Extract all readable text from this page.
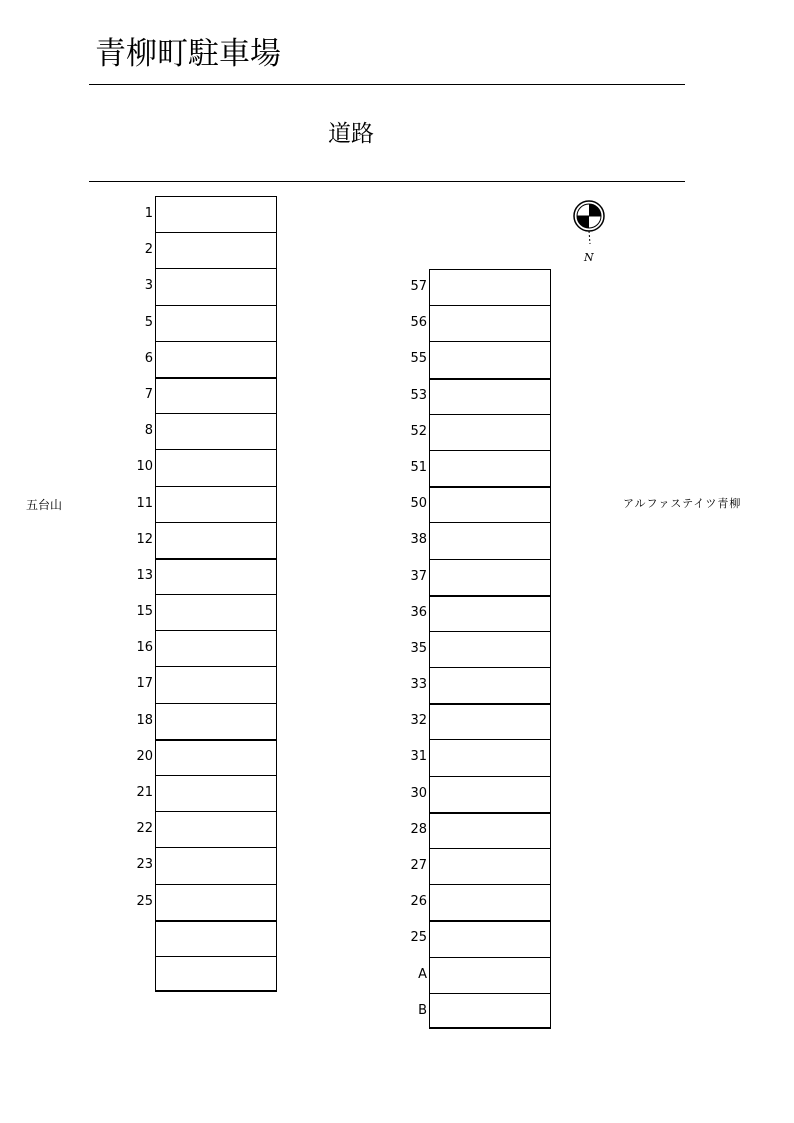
青柳町駐車場
道路
五台山	アルファステイツ青柳
N
1
2
3
5
6
7
8
10
11
12
13
15
16
17
18
20
21
22
23
25
57
56
55
53
52
51
50
38
37
36
35
33
32
31
30
28
27
26
25
A
B
